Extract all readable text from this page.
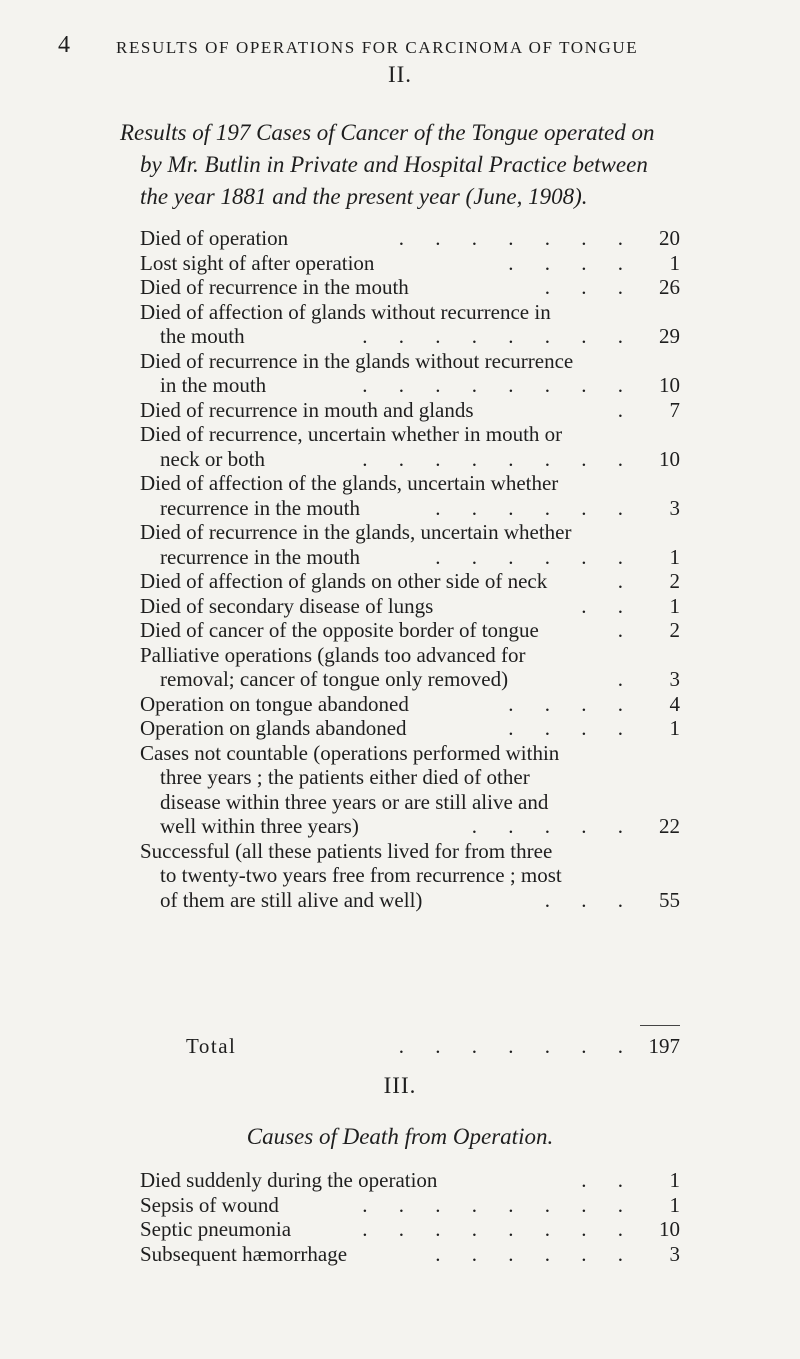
4	RESULTS OF OPERATIONS FOR CARCINOMA OF TONGUE
II.
Results of 197 Cases of Cancer of the Tongue operated on
by Mr. Butlin in Private and Hospital Practice between
the year 1881 and the present year (June, 1908).
Died of operation	. . . . . . .	20
Lost sight of after operation	. . . .	1
Died of recurrence in the mouth	. . .	26
Died of affection of glands without recurrence in
the mouth	. . . . . . . .	29
Died of recurrence in the glands without recurrence
in the mouth	. . . . . . . .	10
Died of recurrence in mouth and glands	.	7
Died of recurrence, uncertain whether in mouth or
neck or both	. . . . . . . .	10
Died of affection of the glands, uncertain whether
recurrence in the mouth	. . . . . .	3
Died of recurrence in the glands, uncertain whether
recurrence in the mouth	. . . . . .	1
Died of affection of glands on other side of neck	.	2
Died of secondary disease of lungs	. .	1
Died of cancer of the opposite border of tongue	.	2
Palliative operations (glands too advanced for
removal; cancer of tongue only removed)	.	3
Operation on tongue abandoned	. . . .	4
Operation on glands abandoned	. . . .	1
Cases not countable (operations performed within
three years ; the patients either died of other
disease within three years or are still alive and
well within three years)	. . . . .	22
Successful (all these patients lived for from three
to twenty-two years free from recurrence ; most
of them are still alive and well)	. . .	55
Total	. . . . . . . 197
III.
Causes of Death from Operation.
Died suddenly during the operation	. .	1
Sepsis of wound	. . . . . . . .	1
Septic pneumonia	. . . . . . . .	10
Subsequent hæmorrhage	. . . . . .	3
